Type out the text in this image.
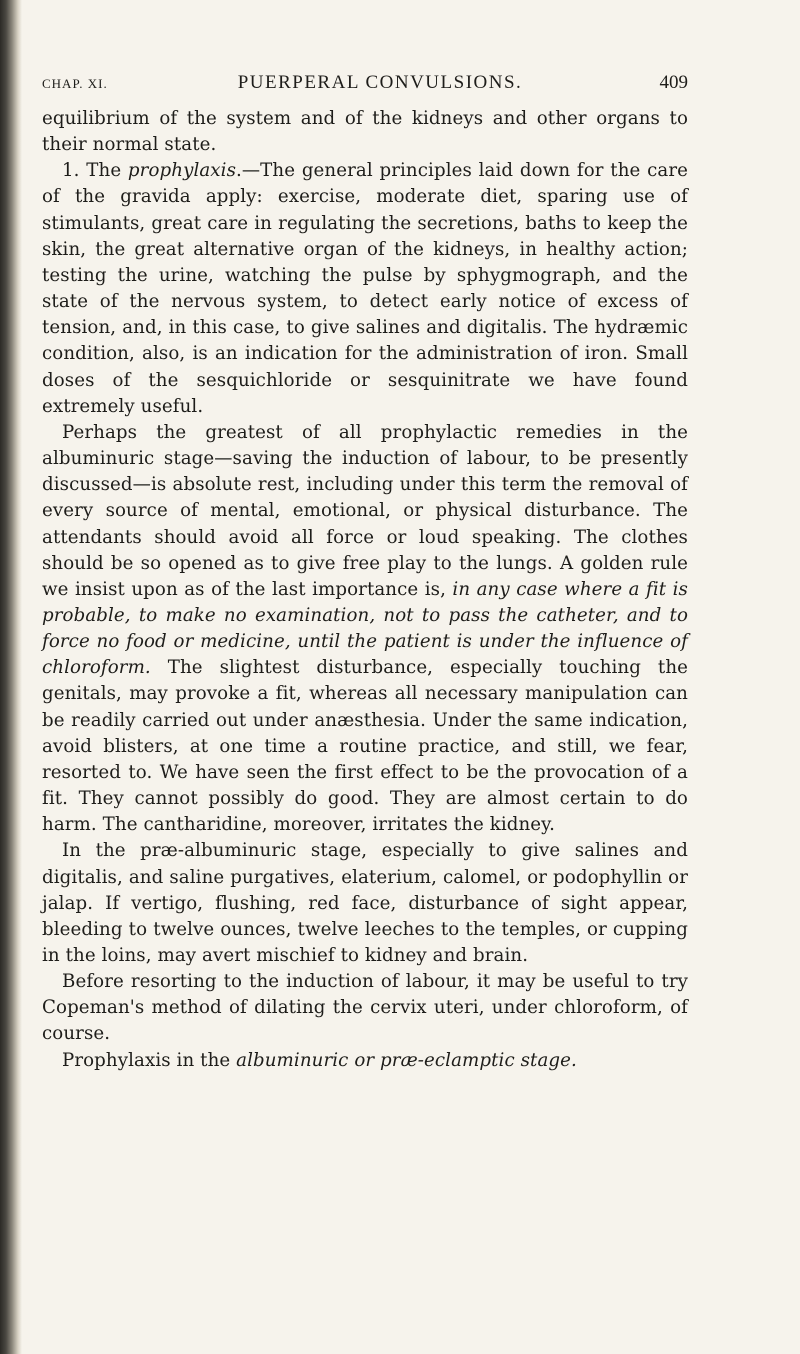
CHAP. XI.	PUERPERAL CONVULSIONS.	409

equilibrium of the system and of the kidneys and other organs to their normal state.

1. The prophylaxis.—The general principles laid down for the care of the gravida apply: exercise, moderate diet, sparing use of stimulants, great care in regulating the secretions, baths to keep the skin, the great alternative organ of the kidneys, in healthy action; testing the urine, watching the pulse by sphygmograph, and the state of the nervous system, to detect early notice of excess of tension, and, in this case, to give salines and digitalis. The hydræmic condition, also, is an indication for the administration of iron. Small doses of the sesquichloride or sesquinitrate we have found extremely useful.

Perhaps the greatest of all prophylactic remedies in the albuminuric stage—saving the induction of labour, to be presently discussed—is absolute rest, including under this term the removal of every source of mental, emotional, or physical disturbance. The attendants should avoid all force or loud speaking. The clothes should be so opened as to give free play to the lungs. A golden rule we insist upon as of the last importance is, in any case where a fit is probable, to make no examination, not to pass the catheter, and to force no food or medicine, until the patient is under the influence of chloroform. The slightest disturbance, especially touching the genitals, may provoke a fit, whereas all necessary manipulation can be readily carried out under anæsthesia. Under the same indication, avoid blisters, at one time a routine practice, and still, we fear, resorted to. We have seen the first effect to be the provocation of a fit. They cannot possibly do good. They are almost certain to do harm. The cantharidine, moreover, irritates the kidney.

In the præ-albuminuric stage, especially to give salines and digitalis, and saline purgatives, elaterium, calomel, or podophyllin or jalap. If vertigo, flushing, red face, disturbance of sight appear, bleeding to twelve ounces, twelve leeches to the temples, or cupping in the loins, may avert mischief to kidney and brain.

Before resorting to the induction of labour, it may be useful to try Copeman's method of dilating the cervix uteri, under chloroform, of course.

Prophylaxis in the albuminuric or præ-eclamptic stage.
